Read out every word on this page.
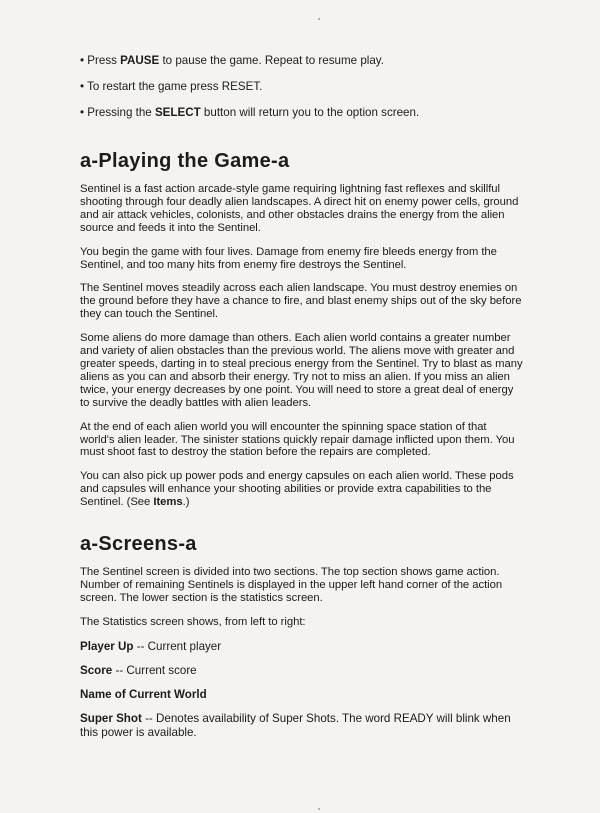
• Press PAUSE to pause the game. Repeat to resume play.
• To restart the game press RESET.
• Pressing the SELECT button will return you to the option screen.
a-Playing the Game-a

Sentinel is a fast action arcade-style game requiring lightning fast reflexes and skillful shooting through four deadly alien landscapes. A direct hit on enemy power cells, ground and air attack vehicles, colonists, and other obstacles drains the energy from the alien source and feeds it into the Sentinel.

You begin the game with four lives. Damage from enemy fire bleeds energy from the Sentinel, and too many hits from enemy fire destroys the Sentinel.

The Sentinel moves steadily across each alien landscape. You must destroy enemies on the ground before they have a chance to fire, and blast enemy ships out of the sky before they can touch the Sentinel.

Some aliens do more damage than others. Each alien world contains a greater number and variety of alien obstacles than the previous world. The aliens move with greater and greater speeds, darting in to steal precious energy from the Sentinel. Try to blast as many aliens as you can and absorb their energy. Try not to miss an alien. If you miss an alien twice, your energy decreases by one point. You will need to store a great deal of energy to survive the deadly battles with alien leaders.

At the end of each alien world you will encounter the spinning space station of that world's alien leader. The sinister stations quickly repair damage inflicted upon them. You must shoot fast to destroy the station before the repairs are completed.

You can also pick up power pods and energy capsules on each alien world. These pods and capsules will enhance your shooting abilities or provide extra capabilities to the Sentinel. (See Items.)

a-Screens-a

The Sentinel screen is divided into two sections. The top section shows game action. Number of remaining Sentinels is displayed in the upper left hand corner of the action screen. The lower section is the statistics screen.

The Statistics screen shows, from left to right:

Player Up -- Current player
Score -- Current score
Name of Current World
Super Shot -- Denotes availability of Super Shots. The word READY will blink when this power is available.
